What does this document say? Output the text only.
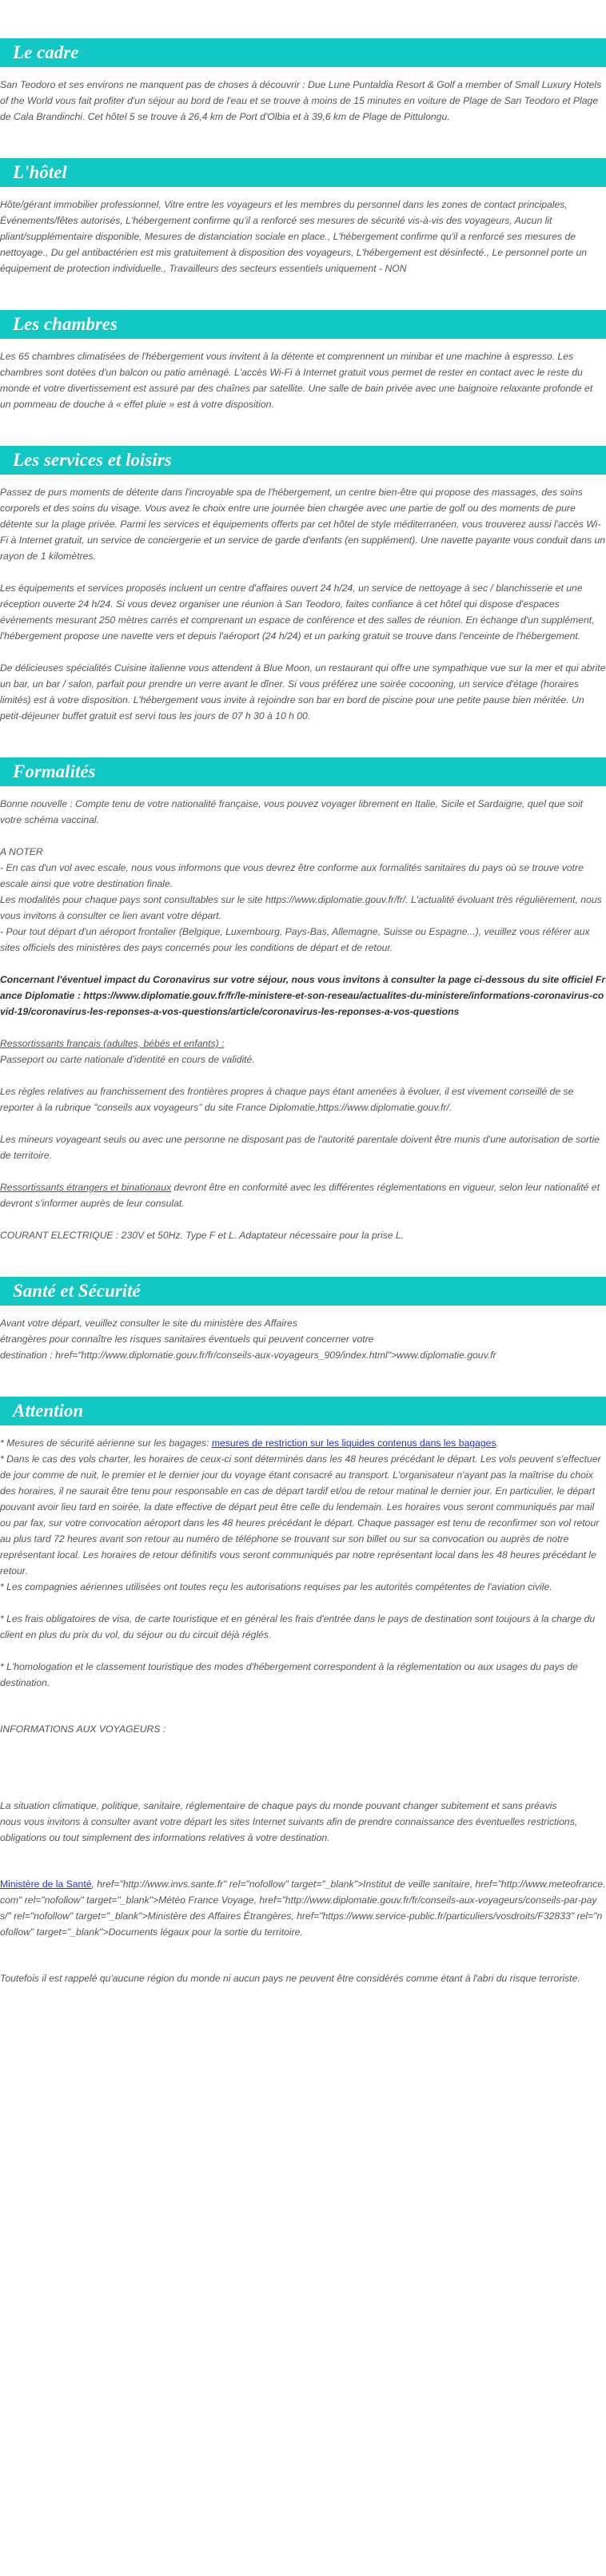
Le cadre

San Teodoro et ses environs ne manquent pas de choses à découvrir : Due Lune Puntaldia Resort & Golf a member of Small Luxury Hotels of the World vous fait profiter d'un séjour au bord de l'eau et se trouve à moins de 15 minutes en voiture de Plage de San Teodoro et Plage de Cala Brandinchi. Cet hôtel 5 se trouve à 26,4 km de Port d'Olbia et à 39,6 km de Plage de Pittulongu.

L'hôtel

Hôte/gérant immobilier professionnel, Vitre entre les voyageurs et les membres du personnel dans les zones de contact principales, Événements/fêtes autorisés, L'hébergement confirme qu'il a renforcé ses mesures de sécurité vis-à-vis des voyageurs, Aucun lit pliant/supplémentaire disponible, Mesures de distanciation sociale en place., L'hébergement confirme qu'il a renforcé ses mesures de nettoyage., Du gel antibactérien est mis gratuitement à disposition des voyageurs, L'hébergement est désinfecté., Le personnel porte un équipement de protection individuelle., Travailleurs des secteurs essentiels uniquement - NON

Les chambres

Les 65 chambres climatisées de l'hébergement vous invitent à la détente et comprennent un minibar et une machine à espresso. Les chambres sont dotées d'un balcon ou patio aménagé. L'accès Wi-Fi à Internet gratuit vous permet de rester en contact avec le reste du monde et votre divertissement est assuré par des chaînes par satellite. Une salle de bain privée avec une baignoire relaxante profonde et un pommeau de douche à « effet pluie » est à votre disposition.

Les services et loisirs

Passez de purs moments de détente dans l'incroyable spa de l'hébergement, un centre bien-être qui propose des massages, des soins corporels et des soins du visage. Vous avez le choix entre une journée bien chargée avec une partie de golf ou des moments de pure détente sur la plage privée. Parmi les services et équipements offerts par cet hôtel de style méditerranéen, vous trouverez aussi l'accès Wi-Fi à Internet gratuit, un service de conciergerie et un service de garde d'enfants (en supplément). Une navette payante vous conduit dans un rayon de 1 kilomètres.

Les équipements et services proposés incluent un centre d'affaires ouvert 24 h/24, un service de nettoyage à sec / blanchisserie et une réception ouverte 24 h/24. Si vous devez organiser une réunion à San Teodoro, faites confiance à cet hôtel qui dispose d'espaces événements mesurant 250 mètres carrés et comprenant un espace de conférence et des salles de réunion. En échange d'un supplément, l'hébergement propose une navette vers et depuis l'aéroport (24 h/24) et un parking gratuit se trouve dans l'enceinte de l'hébergement.

De délicieuses spécialités Cuisine italienne vous attendent à Blue Moon, un restaurant qui offre une sympathique vue sur la mer et qui abrite un bar, un bar / salon, parfait pour prendre un verre avant le dîner. Si vous préférez une soirée cocooning, un service d'étage (horaires limités) est à votre disposition. L'hébergement vous invite à rejoindre son bar en bord de piscine pour une petite pause bien méritée. Un petit-déjeuner buffet gratuit est servi tous les jours de 07 h 30 à 10 h 00.

Formalités

Bonne nouvelle : Compte tenu de votre nationalité française, vous pouvez voyager librement en Italie, Sicile et Sardaigne, quel que soit votre schéma vaccinal.

A NOTER

- En cas d'un vol avec escale, nous vous informons que vous devrez être conforme aux formalités sanitaires du pays où se trouve votre escale ainsi que votre destination finale.

Les modalités pour chaque pays sont consultables sur le site https://www.diplomatie.gouv.fr/fr/. L'actualité évoluant très régulièrement, nous vous invitons à consulter ce lien avant votre départ.

- Pour tout départ d'un aéroport frontalier (Belgique, Luxembourg, Pays-Bas, Allemagne, Suisse ou Espagne...), veuillez vous référer aux sites officiels des ministères des pays concernés pour les conditions de départ et de retour.

Concernant l'éventuel impact du Coronavirus sur votre séjour, nous vous invitons à consulter la page ci-dessous du site officiel France Diplomatie : https://www.diplomatie.gouv.fr/fr/le-ministere-et-son-reseau/actualites-du-ministere/informations-coronavirus-covid-19/coronavirus-les-reponses-a-vos-questions/article/coronavirus-les-reponses-a-vos-questions

Ressortissants français (adultes, bébés et enfants) :

Passeport ou carte nationale d'identité en cours de validité.

Les règles relatives au franchissement des frontières propres à chaque pays étant amenées à évoluer, il est vivement conseillé de se reporter à la rubrique "conseils aux voyageurs" du site France Diplomatie,https://www.diplomatie.gouv.fr/.

Les mineurs voyageant seuls ou avec une personne ne disposant pas de l'autorité parentale doivent être munis d'une autorisation de sortie de territoire.

Ressortissants étrangers et binationaux devront être en conformité avec les différentes réglementations en vigueur, selon leur nationalité et devront s'informer auprès de leur consulat.

COURANT ELECTRIQUE : 230V et 50Hz. Type F et L. Adaptateur nécessaire pour la prise L.

Santé et Sécurité

Avant votre départ, veuillez consulter le site du ministère des Affaires

étrangères pour connaître les risques sanitaires éventuels qui peuvent concerner votre

destination : href="http://www.diplomatie.gouv.fr/fr/conseils-aux-voyageurs_909/index.html">www.diplomatie.gouv.fr

Attention

* Mesures de sécurité aérienne sur les bagages: mesures de restriction sur les liquides contenus dans les bagages.

* Dans le cas des vols charter, les horaires de ceux-ci sont déterminés dans les 48 heures précédant le départ. Les vols peuvent s'effectuer de jour comme de nuit, le premier et le dernier jour du voyage étant consacré au transport. L'organisateur n'ayant pas la maîtrise du choix des horaires, il ne saurait être tenu pour responsable en cas de départ tardif et/ou de retour matinal le dernier jour. En particulier, le départ pouvant avoir lieu tard en soirée, la date effective de départ peut être celle du lendemain. Les horaires vous seront communiqués par mail ou par fax, sur votre convocation aéroport dans les 48 heures précédant le départ. Chaque passager est tenu de reconfirmer son vol retour au plus tard 72 heures avant son retour au numéro de téléphone se trouvant sur son billet ou sur sa convocation ou auprès de notre représentant local. Les horaires de retour définitifs vous seront communiqués par notre représentant local dans les 48 heures précédant le retour.

* Les compagnies aériennes utilisées ont toutes reçu les autorisations requises par les autorités compétentes de l'aviation civile.

* Les frais obligatoires de visa, de carte touristique et en général les frais d'entrée dans le pays de destination sont toujours à la charge du client en plus du prix du vol, du séjour ou du circuit déjà réglés.

* L'homologation et le classement touristique des modes d'hébergement correspondent à la réglementation ou aux usages du pays de destination.

INFORMATIONS AUX VOYAGEURS :

La situation climatique, politique, sanitaire, réglementaire de chaque pays du monde pouvant changer subitement et sans préavis

nous vous invitons à consulter avant votre départ les sites Internet suivants afin de prendre connaissance des éventuelles restrictions, obligations ou tout simplement des informations relatives à votre destination.

Ministère de la Santé, href="http://www.invs.sante.fr" rel="nofollow" target="_blank">Institut de veille sanitaire, href="http://www.meteofrance.com" rel="nofollow" target="_blank">Météo France Voyage, href="http://www.diplomatie.gouv.fr/fr/conseils-aux-voyageurs/conseils-par-pays/" rel="nofollow" target="_blank">Ministère des Affaires Étrangères, href="https://www.service-public.fr/particuliers/vosdroits/F32833" rel="nofollow" target="_blank">Documents légaux pour la sortie du territoire.

Toutefois il est rappelé qu'aucune région du monde ni aucun pays ne peuvent être considérés comme étant à l'abri du risque terroriste.
